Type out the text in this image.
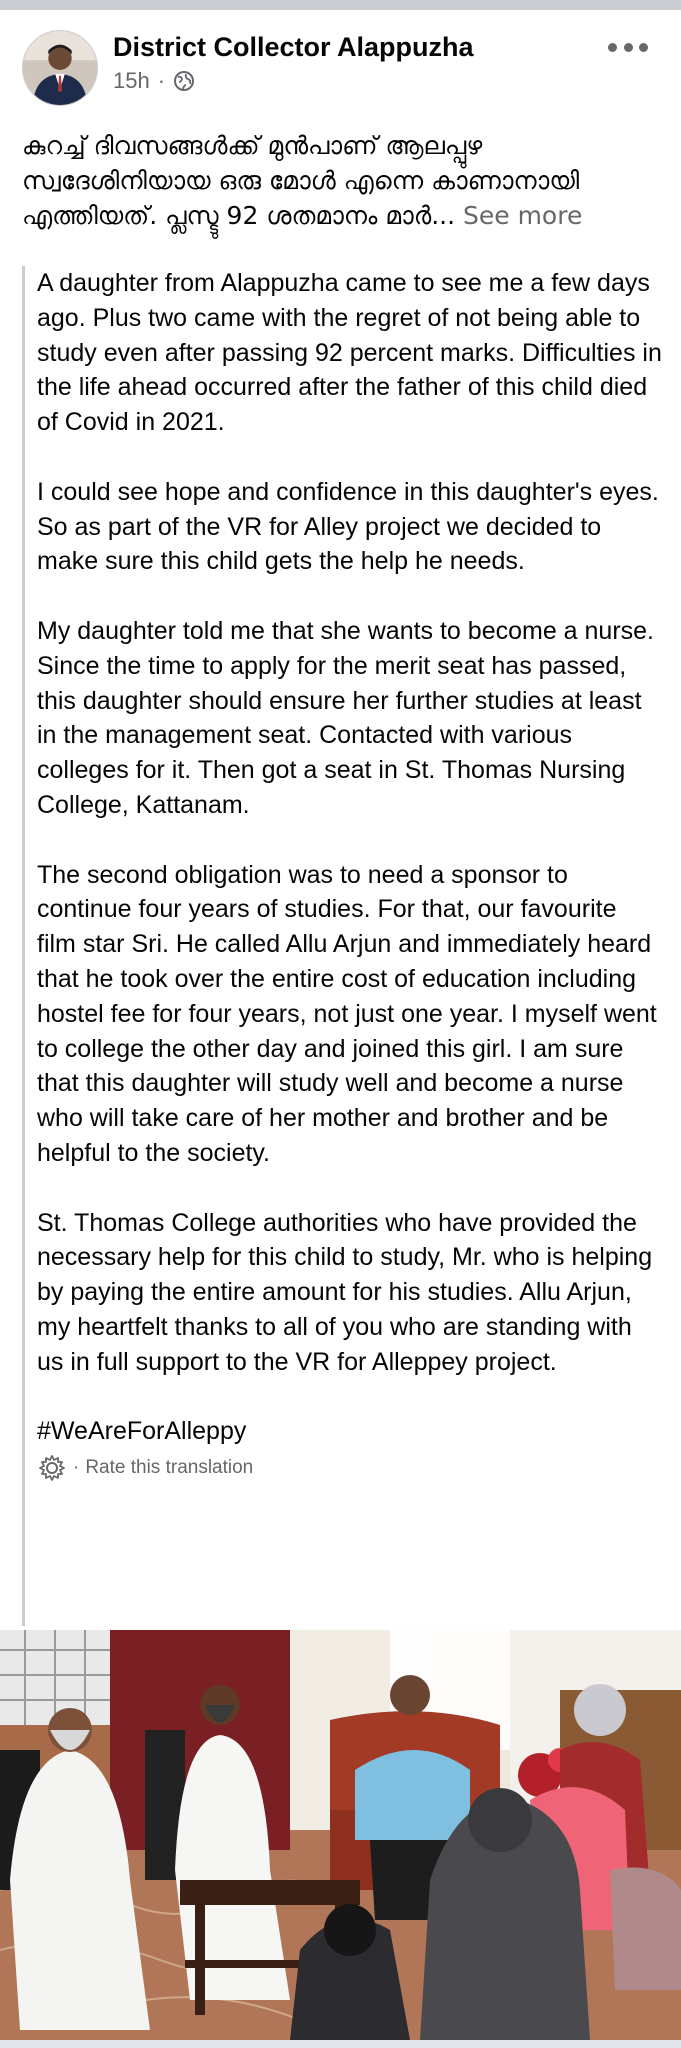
District Collector Alappuzha
15h ·
കുറച്ച് ദിവസങ്ങൾക്ക് മുൻപാണ് ആലപ്പുഴ സ്വദേശിനിയായ ഒരു മോൾ എന്നെ കാണാനായി എത്തിയത്. പ്ലസ്ടു 92 ശതമാനം മാർ... See more

A daughter from Alappuzha came to see me a few days ago. Plus two came with the regret of not being able to study even after passing 92 percent marks. Difficulties in the life ahead occurred after the father of this child died of Covid in 2021.

I could see hope and confidence in this daughter's eyes. So as part of the VR for Alley project we decided to make sure this child gets the help he needs.

My daughter told me that she wants to become a nurse. Since the time to apply for the merit seat has passed, this daughter should ensure her further studies at least in the management seat. Contacted with various colleges for it. Then got a seat in St. Thomas Nursing College, Kattanam.

The second obligation was to need a sponsor to continue four years of studies. For that, our favourite film star Sri. He called Allu Arjun and immediately heard that he took over the entire cost of education including hostel fee for four years, not just one year. I myself went to college the other day and joined this girl. I am sure that this daughter will study well and become a nurse who will take care of her mother and brother and be helpful to the society.

St. Thomas College authorities who have provided the necessary help for this child to study, Mr. who is helping by paying the entire amount for his studies. Allu Arjun, my heartfelt thanks to all of you who are standing with us in full support to the VR for Alleppey project.

#WeAreForAlleppy
· Rate this translation
